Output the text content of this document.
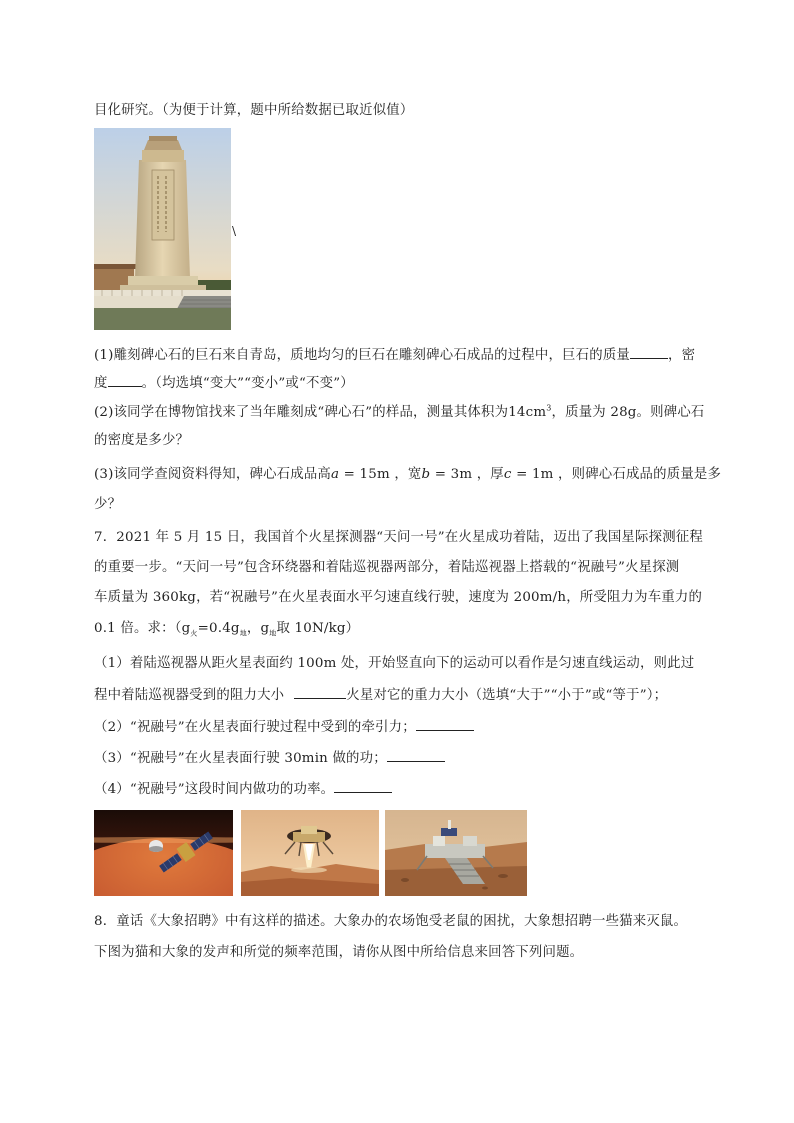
目化研究。（为便于计算，题中所给数据已取近似值）
\
(1)雕刻碑心石的巨石来自青岛，质地均匀的巨石在雕刻碑心石成品的过程中，巨石的质量	，密
度	。（均选填“变大”“变小”或“不变”）
(2)该同学在博物馆找来了当年雕刻成“碑心石”的样品，测量其体积为$14cm^3$，质量为 28g。则碑心石
的密度是多少？
(3)该同学查阅资料得知，碑心石成品高a = 15m ，宽b = 3m ，厚c = 1m ，则碑心石成品的质量是多
少？
7．2021 年 5 月 15 日，我国首个火星探测器“天问一号”在火星成功着陆，迈出了我国星际探测征程
的重要一步。“天问一号”包含环绕器和着陆巡视器两部分，着陆巡视器上搭载的“祝融号”火星探测
车质量为 360kg，若“祝融号”在火星表面水平匀速直线行驶，速度为 200m/h，所受阻力为车重力的
0.1 倍。求：（$g_火=0.4g_地$，$g_地$取 10N/kg）
（1）着陆巡视器从距火星表面约 100m 处，开始竖直向下的运动可以看作是匀速直线运动，则此过
程中着陆巡视器受到的阻力大小	火星对它的重力大小（选填“大于”“小于”或“等于”）；
（2）“祝融号”在火星表面行驶过程中受到的牵引力；
（3）“祝融号”在火星表面行驶 30min 做的功；
（4）“祝融号”这段时间内做功的功率。
8．童话《大象招聘》中有这样的描述。大象办的农场饱受老鼠的困扰，大象想招聘一些猫来灭鼠。
下图为猫和大象的发声和所觉的频率范围，请你从图中所给信息来回答下列问题。
